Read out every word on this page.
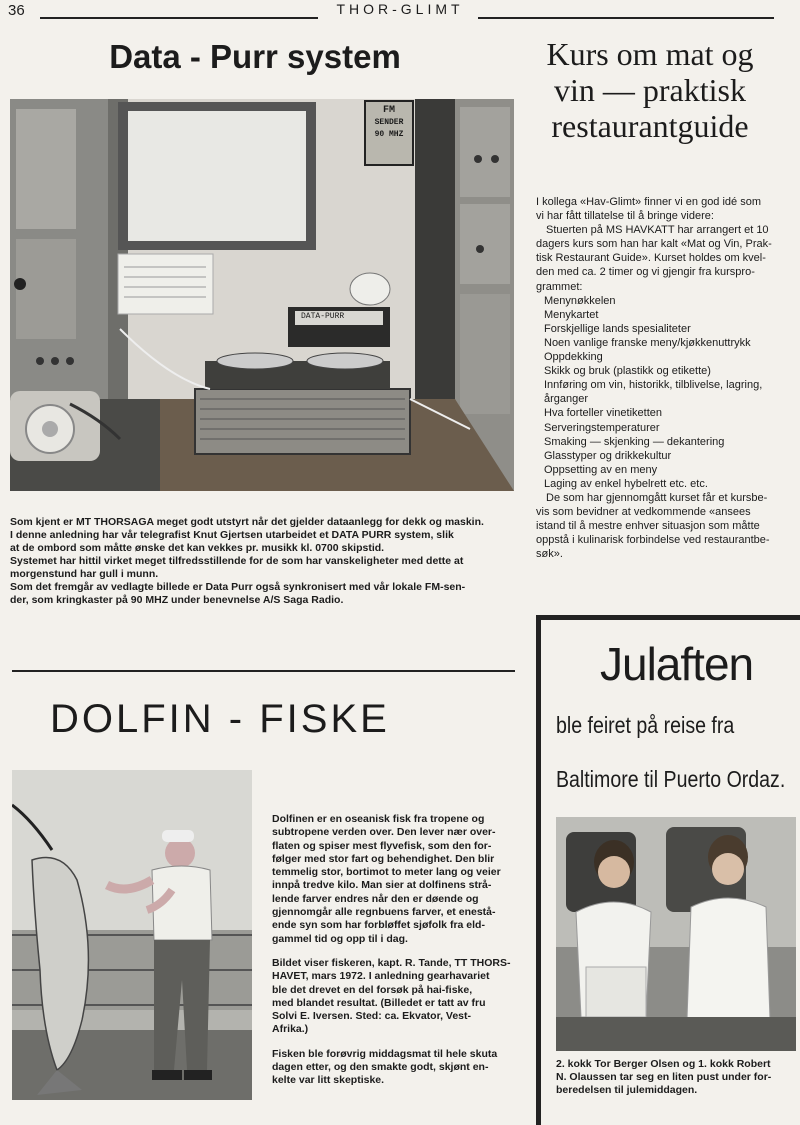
36	THOR-GLIMT
Data - Purr system
FM
SENDER
90 MHZ
DATA-PURR
Som kjent er MT THORSAGA meget godt utstyrt når det gjelder dataanlegg for dekk og maskin.
I denne anledning har vår telegrafist Knut Gjertsen utarbeidet et DATA PURR system, slik
at de ombord som måtte ønske det kan vekkes pr. musikk kl. 0700 skipstid.
Systemet har hittil virket meget tilfredsstillende for de som har vanskeligheter med dette at
morgenstund har gull i munn.
Som det fremgår av vedlagte billede er Data Purr også synkronisert med vår lokale FM-sen-
der, som kringkaster på 90 MHZ under benevnelse A/S Saga Radio.
Kurs om mat og
vin — praktisk
restaurantguide

I kollega «Hav-Glimt» finner vi en god idé som

vi har fått tillatelse til å bringe videre:

Stuerten på MS HAVKATT har arrangert et 10

dagers kurs som han har kalt «Mat og Vin, Prak-

tisk Restaurant Guide». Kurset holdes om kvel-

den med ca. 2 timer og vi gjengir fra kurspro-

grammet:

Menynøkkelen

Menykartet

Forskjellige lands spesialiteter

Noen vanlige franske meny/kjøkkenuttrykk

Oppdekking

Skikk og bruk (plastikk og etikette)

Innføring om vin, historikk, tilblivelse, lagring,

årganger

Hva forteller vinetiketten

Serveringstemperaturer

Smaking — skjenking — dekantering

Glasstyper og drikkekultur

Oppsetting av en meny

Laging av enkel hybelrett etc. etc.

De som har gjennomgått kurset får et kursbe-

vis som bevidner at vedkommende «ansees

istand til å mestre enhver situasjon som måtte

oppstå i kulinarisk forbindelse ved restaurantbe-

søk».

DOLFIN - FISKE

Dolfinen er en oseanisk fisk fra tropene og
subtropene verden over. Den lever nær over-
flaten og spiser mest flyvefisk, som den for-
følger med stor fart og behendighet. Den blir
temmelig stor, bortimot to meter lang og veier
innpå tredve kilo. Man sier at dolfinens strå-
lende farver endres når den er døende og
gjennomgår alle regnbuens farver, et enestå-
ende syn som har forbløffet sjøfolk fra eld-
gammel tid og opp til i dag.

Bildet viser fiskeren, kapt. R. Tande, TT THORS-
HAVET, mars 1972. I anledning gearhavariet
ble det drevet en del forsøk på hai-fiske,
med blandet resultat. (Billedet er tatt av fru
Solvi E. Iversen. Sted: ca. Ekvator, Vest-
Afrika.)

Fisken ble forøvrig middagsmat til hele skuta
dagen etter, og den smakte godt, skjønt en-
kelte var litt skeptiske.

Julaften
ble feiret på reise fra
Baltimore til Puerto Ordaz.
2. kokk Tor Berger Olsen og 1. kokk Robert
N. Olaussen tar seg en liten pust under for-
beredelsen til julemiddagen.
